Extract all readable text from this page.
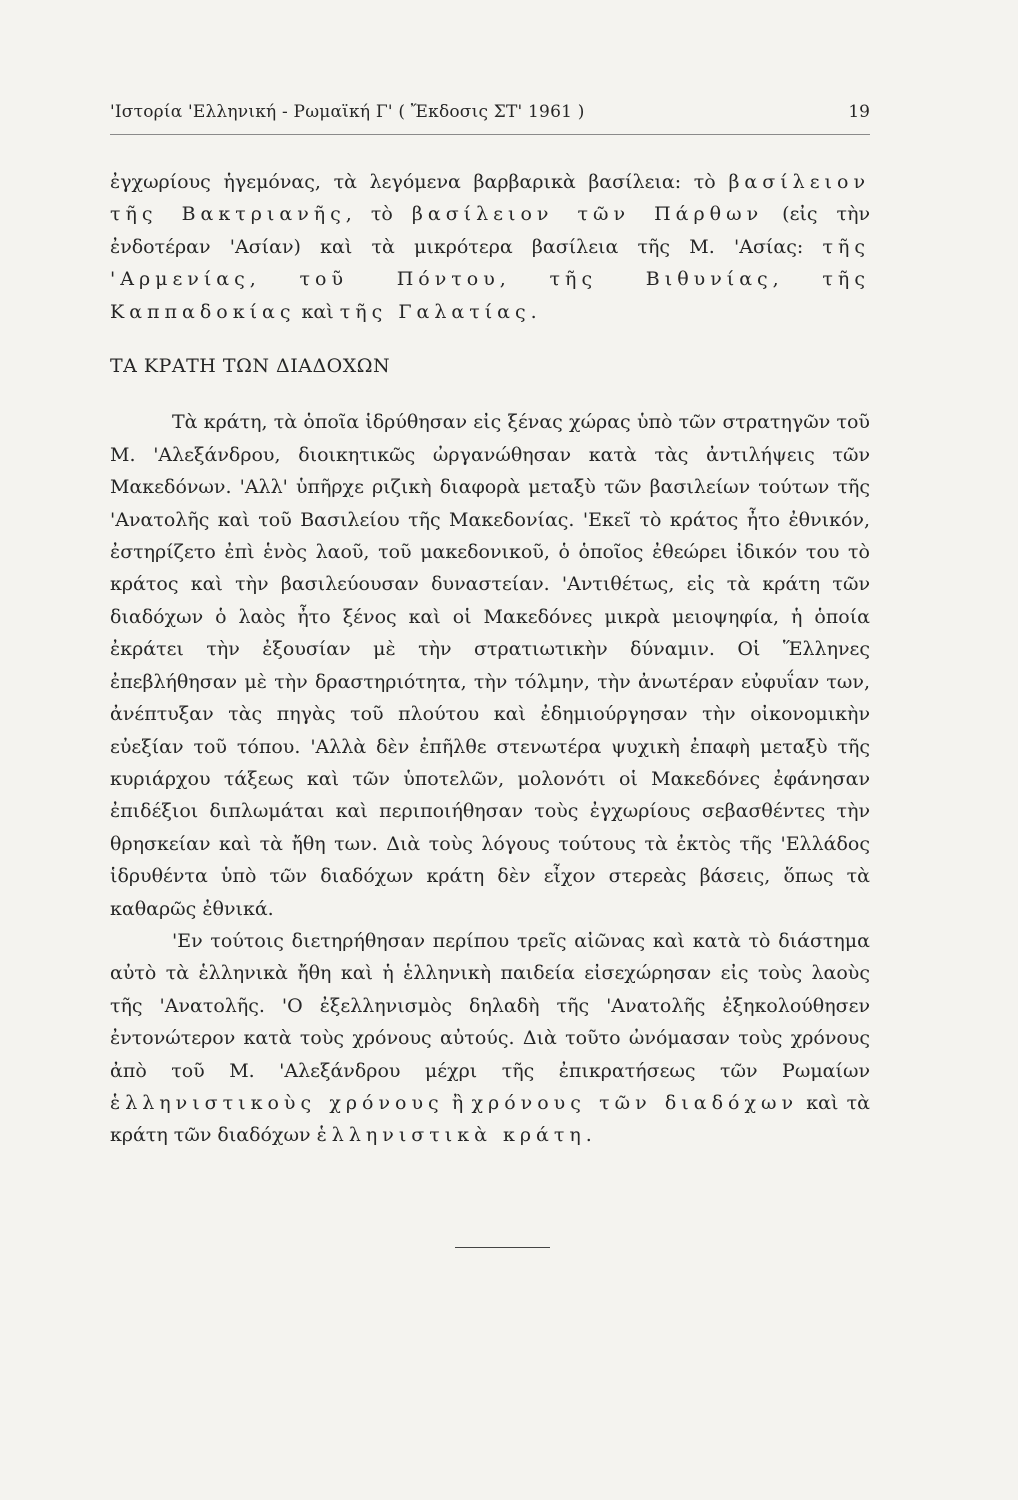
'Ιστορία 'Ελληνική - Ρωμαϊκή Γ' ( Ἔκδοσις ΣΤ' 1961 )	19

ἐγχωρίους ἡγεμόνας, τὰ λεγόμενα βαρβαρικὰ βασίλεια: τὸ βασίλειον τῆς Βακτριανῆς, τὸ βασίλειον τῶν Πάρθων (εἰς τὴν ἐνδοτέραν 'Ασίαν) καὶ τὰ μικρότερα βασίλεια τῆς Μ. 'Ασίας: τῆς 'Αρμενίας, τοῦ Πόντου, τῆς Βιθυνίας, τῆς Καππαδοκίας καὶ τῆς Γαλατίας.

ΤΑ ΚΡΑΤΗ ΤΩΝ ΔΙΑΔΟΧΩΝ

Τὰ κράτη, τὰ ὁποῖα ἱδρύθησαν εἰς ξένας χώρας ὑπὸ τῶν στρατηγῶν τοῦ Μ. 'Αλεξάνδρου, διοικητικῶς ὠργανώθησαν κατὰ τὰς ἀντιλήψεις τῶν Μακεδόνων. 'Αλλ' ὑπῆρχε ριζικὴ διαφορὰ μεταξὺ τῶν βασιλείων τούτων τῆς 'Ανατολῆς καὶ τοῦ Βασιλείου τῆς Μακεδονίας. 'Εκεῖ τὸ κράτος ἦτο ἐθνικόν, ἐστηρίζετο ἐπὶ ἑνὸς λαοῦ, τοῦ μακεδονικοῦ, ὁ ὁποῖος ἐθεώρει ἰδικόν του τὸ κράτος καὶ τὴν βασιλεύουσαν δυναστείαν. 'Αντιθέτως, εἰς τὰ κράτη τῶν διαδόχων ὁ λαὸς ἦτο ξένος καὶ οἱ Μακεδόνες μικρὰ μειοψηφία, ἡ ὁποία ἐκράτει τὴν ἐξουσίαν μὲ τὴν στρατιωτικὴν δύναμιν. Οἱ Ἕλληνες ἐπεβλήθησαν μὲ τὴν δραστηριότητα, τὴν τόλμην, τὴν ἀνωτέραν εὐφυΐαν των, ἀνέπτυξαν τὰς πηγὰς τοῦ πλούτου καὶ ἐδημιούργησαν τὴν οἰκονομικὴν εὐεξίαν τοῦ τόπου. 'Αλλὰ δὲν ἐπῆλθε στενωτέρα ψυχικὴ ἐπαφὴ μεταξὺ τῆς κυριάρχου τάξεως καὶ τῶν ὑποτελῶν, μολονότι οἱ Μακεδόνες ἐφάνησαν ἐπιδέξιοι διπλωμάται καὶ περιποιήθησαν τοὺς ἐγχωρίους σεβασθέντες τὴν θρησκείαν καὶ τὰ ἤθη των. Διὰ τοὺς λόγους τούτους τὰ ἐκτὸς τῆς 'Ελλάδος ἱδρυθέντα ὑπὸ τῶν διαδόχων κράτη δὲν εἶχον στερεὰς βάσεις, ὅπως τὰ καθαρῶς ἐθνικά.

'Εν τούτοις διετηρήθησαν περίπου τρεῖς αἰῶνας καὶ κατὰ τὸ διάστημα αὐτὸ τὰ ἑλληνικὰ ἤθη καὶ ἡ ἑλληνικὴ παιδεία εἰσεχώρησαν εἰς τοὺς λαοὺς τῆς 'Ανατολῆς. 'Ο ἐξελληνισμὸς δηλαδὴ τῆς 'Ανατολῆς ἐξηκολούθησεν ἐντονώτερον κατὰ τοὺς χρόνους αὐτούς. Διὰ τοῦτο ὠνόμασαν τοὺς χρόνους ἀπὸ τοῦ Μ. 'Αλεξάνδρου μέχρι τῆς ἐπικρατήσεως τῶν Ρωμαίων ἑλληνιστικοὺς χρόνους ἢ χρόνους τῶν διαδόχων καὶ τὰ κράτη τῶν διαδόχων ἑλληνιστικὰ κράτη.
